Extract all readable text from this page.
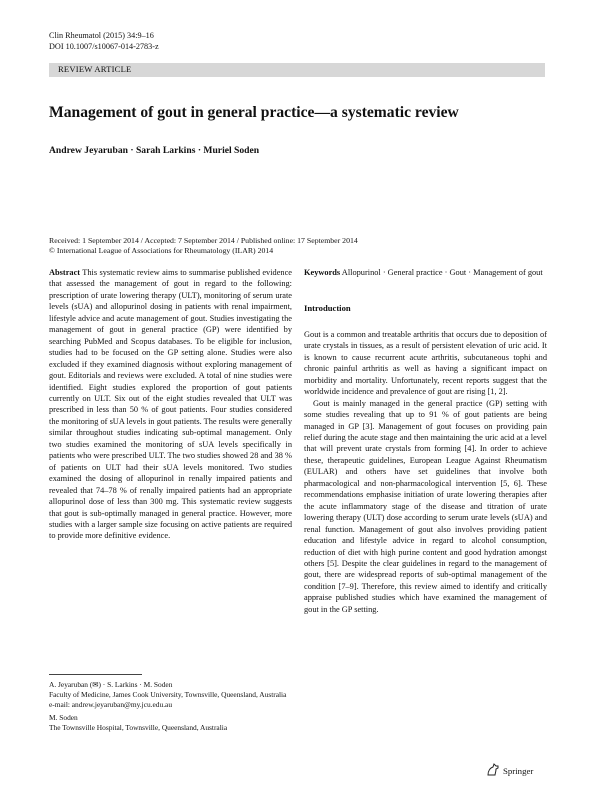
Clin Rheumatol (2015) 34:9–16
DOI 10.1007/s10067-014-2783-z
REVIEW ARTICLE
Management of gout in general practice—a systematic review
Andrew Jeyaruban · Sarah Larkins · Muriel Soden
Received: 1 September 2014 / Accepted: 7 September 2014 / Published online: 17 September 2014
© International League of Associations for Rheumatology (ILAR) 2014

Abstract This systematic review aims to summarise published evidence that assessed the management of gout in regard to the following: prescription of urate lowering therapy (ULT), monitoring of serum urate levels (sUA) and allopurinol dosing in patients with renal impairment, lifestyle advice and acute management of gout. Studies investigating the management of gout in general practice (GP) were identified by searching PubMed and Scopus databases. To be eligible for inclusion, studies had to be focused on the GP setting alone. Studies were also excluded if they examined diagnosis without exploring management of gout. Editorials and reviews were excluded. A total of nine studies were identified. Eight studies explored the proportion of gout patients currently on ULT. Six out of the eight studies revealed that ULT was prescribed in less than 50 % of gout patients. Four studies considered the monitoring of sUA levels in gout patients. The results were generally similar throughout studies indicating sub-optimal management. Only two studies examined the monitoring of sUA levels specifically in patients who were prescribed ULT. The two studies showed 28 and 38 % of patients on ULT had their sUA levels monitored. Two studies examined the dosing of allopurinol in renally impaired patients and revealed that 74–78 % of renally impaired patients had an appropriate allopurinol dose of less than 300 mg. This systematic review suggests that gout is sub-optimally managed in general practice. However, more studies with a larger sample size focusing on active patients are required to provide more definitive evidence.

A. Jeyaruban (✉) · S. Larkins · M. Soden
Faculty of Medicine, James Cook University, Townsville, Queensland, Australia
e-mail: andrew.jeyaruban@my.jcu.edu.au

M. Soden
The Townsville Hospital, Townsville, Queensland, Australia

Keywords Allopurinol · General practice · Gout · Management of gout

Introduction

Gout is a common and treatable arthritis that occurs due to deposition of urate crystals in tissues, as a result of persistent elevation of uric acid. It is known to cause recurrent acute arthritis, subcutaneous tophi and chronic painful arthritis as well as having a significant impact on morbidity and mortality. Unfortunately, recent reports suggest that the worldwide incidence and prevalence of gout are rising [1, 2].

Gout is mainly managed in the general practice (GP) setting with some studies revealing that up to 91 % of gout patients are being managed in GP [3]. Management of gout focuses on providing pain relief during the acute stage and then maintaining the uric acid at a level that will prevent urate crystals from forming [4]. In order to achieve these, therapeutic guidelines, European League Against Rheumatism (EULAR) and others have set guidelines that involve both pharmacological and non-pharmacological intervention [5, 6]. These recommendations emphasise initiation of urate lowering therapies after the acute inflammatory stage of the disease and titration of urate lowering therapy (ULT) dose according to serum urate levels (sUA) and renal function. Management of gout also involves providing patient education and lifestyle advice in regard to alcohol consumption, reduction of diet with high purine content and good hydration amongst others [5]. Despite the clear guidelines in regard to the management of gout, there are widespread reports of sub-optimal management of the condition [7–9]. Therefore, this review aimed to identify and critically appraise published studies which have examined the management of gout in the GP setting.

Springer
